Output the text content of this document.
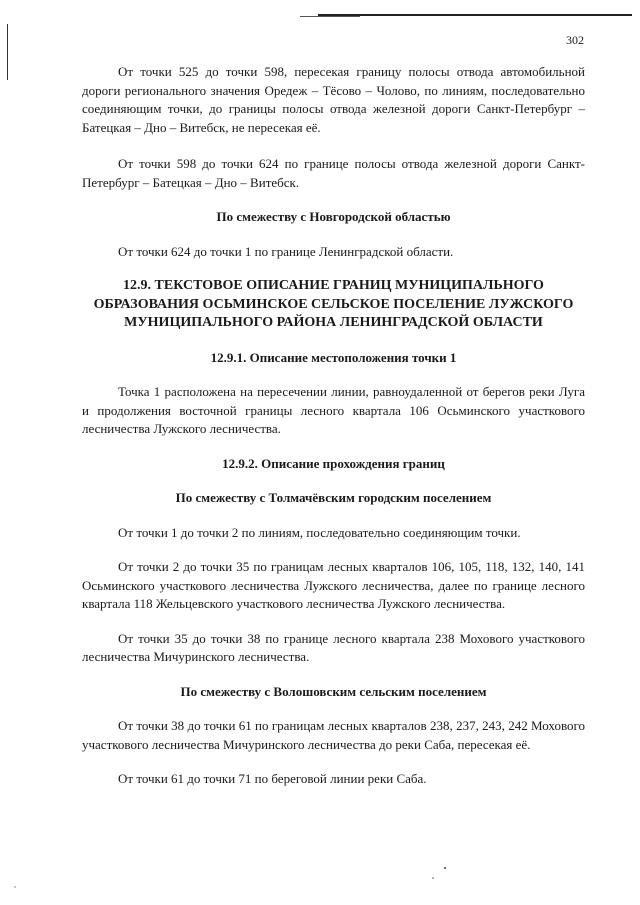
302

От точки 525 до точки 598, пересекая границу полосы отвода автомобильной дороги регионального значения Оредеж – Тёсово – Чолово, по линиям, последовательно соединяющим точки, до границы полосы отвода железной дороги Санкт-Петербург – Батецкая – Дно – Витебск, не пересекая её.

От точки 598 до точки 624 по границе полосы отвода железной дороги Санкт-Петербург – Батецкая – Дно – Витебск.

По смежеству с Новгородской областью

От точки 624 до точки 1 по границе Ленинградской области.

12.9. ТЕКСТОВОЕ ОПИСАНИЕ ГРАНИЦ МУНИЦИПАЛЬНОГО ОБРАЗОВАНИЯ ОСЬМИНСКОЕ СЕЛЬСКОЕ ПОСЕЛЕНИЕ ЛУЖСКОГО МУНИЦИПАЛЬНОГО РАЙОНА ЛЕНИНГРАДСКОЙ ОБЛАСТИ

12.9.1. Описание местоположения точки 1

Точка 1 расположена на пересечении линии, равноудаленной от берегов реки Луга и продолжения восточной границы лесного квартала 106 Осьминского участкового лесничества Лужского лесничества.

12.9.2. Описание прохождения границ

По смежеству с Толмачёвским городским поселением

От точки 1 до точки 2 по линиям, последовательно соединяющим точки.

От точки 2 до точки 35 по границам лесных кварталов 106, 105, 118, 132, 140, 141 Осьминского участкового лесничества Лужского лесничества, далее по границе лесного квартала 118 Жельцевского участкового лесничества Лужского лесничества.

От точки 35 до точки 38 по границе лесного квартала 238 Мохового участкового лесничества Мичуринского лесничества.

По смежеству с Волошовским сельским поселением

От точки 38 до точки 61 по границам лесных кварталов 238, 237, 243, 242 Мохового участкового лесничества Мичуринского лесничества до реки Саба, пересекая её.

От точки 61 до точки 71 по береговой линии реки Саба.
